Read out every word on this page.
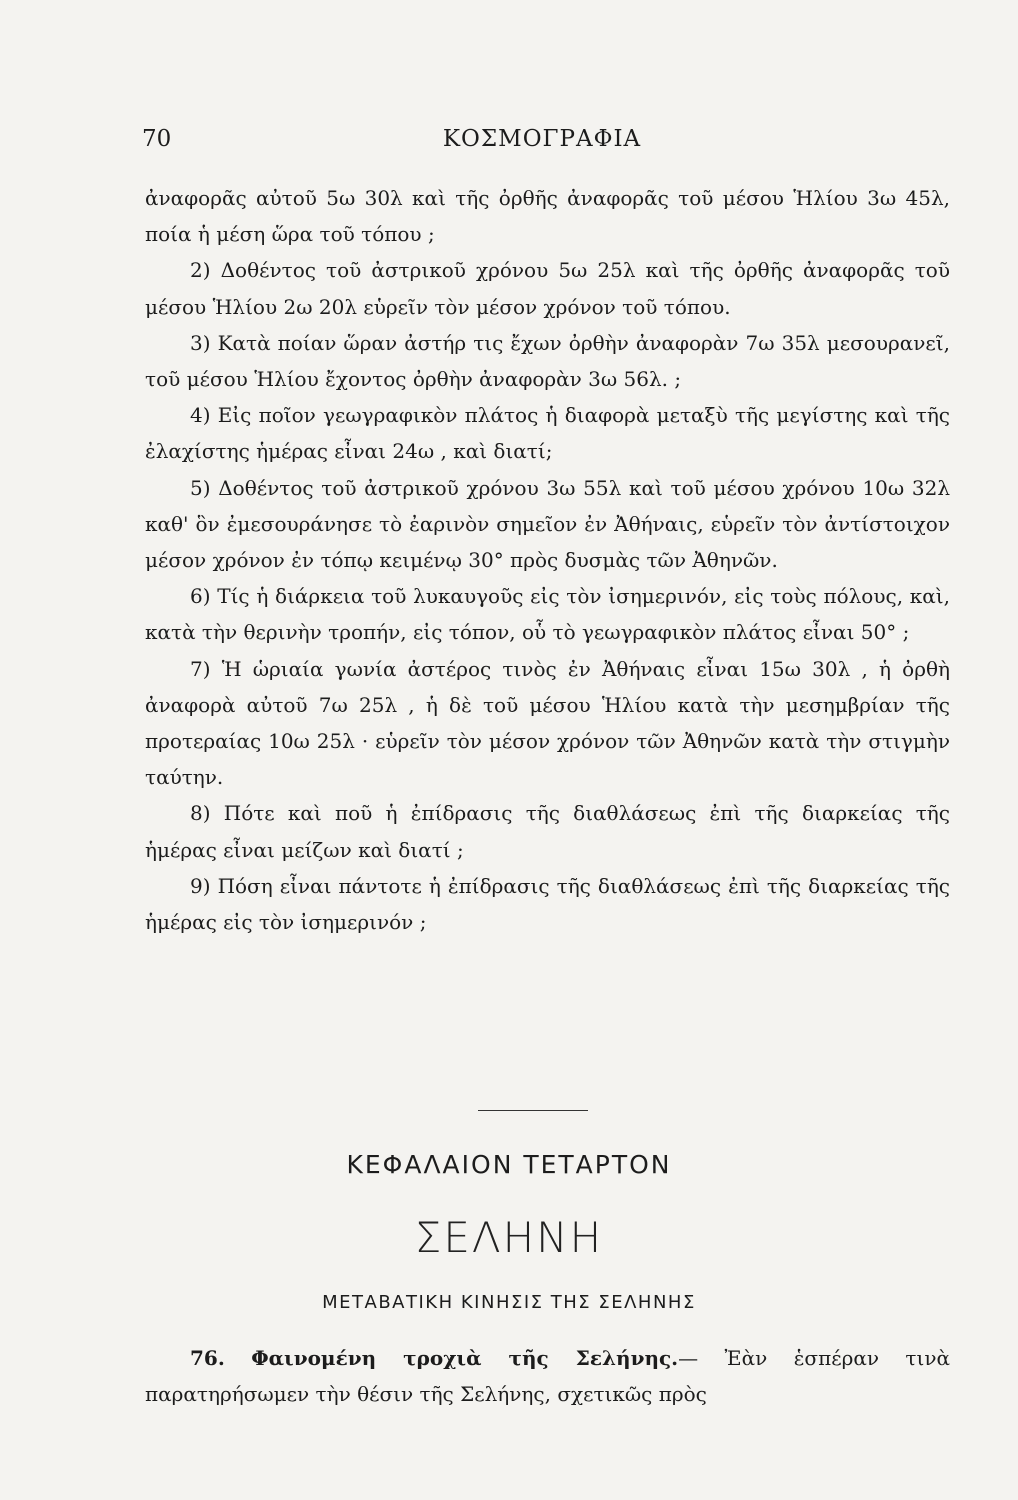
70	ΚΟΣΜΟΓΡΑΦΙΑ

ἀναφορᾶς αὐτοῦ 5ω 30λ καὶ τῆς ὀρθῆς ἀναφορᾶς τοῦ μέσου Ἡλίου 3ω 45λ, ποία ἡ μέση ὥρα τοῦ τόπου ;

2) Δοθέντος τοῦ ἀστρικοῦ χρόνου 5ω 25λ καὶ τῆς ὀρθῆς ἀναφορᾶς τοῦ μέσου Ἡλίου 2ω 20λ εὑρεῖν τὸν μέσον χρόνον τοῦ τόπου.

3) Κατὰ ποίαν ὥραν ἀστήρ τις ἔχων ὀρθὴν ἀναφορὰν 7ω 35λ μεσουρανεῖ, τοῦ μέσου Ἡλίου ἔχοντος ὀρθὴν ἀναφορὰν 3ω 56λ. ;

4) Εἰς ποῖον γεωγραφικὸν πλάτος ἡ διαφορὰ μεταξὺ τῆς μεγίστης καὶ τῆς ἐλαχίστης ἡμέρας εἶναι 24ω , καὶ διατί;

5) Δοθέντος τοῦ ἀστρικοῦ χρόνου 3ω 55λ καὶ τοῦ μέσου χρόνου 10ω 32λ καθ' ὃν ἐμεσουράνησε τὸ ἐαρινὸν σημεῖον ἐν Ἀθήναις, εὑρεῖν τὸν ἀντίστοιχον μέσον χρόνον ἐν τόπῳ κειμένῳ 30° πρὸς δυσμὰς τῶν Ἀθηνῶν.

6) Τίς ἡ διάρκεια τοῦ λυκαυγοῦς εἰς τὸν ἰσημερινόν, εἰς τοὺς πόλους, καὶ, κατὰ τὴν θερινὴν τροπήν, εἰς τόπον, οὗ τὸ γεωγραφικὸν πλάτος εἶναι 50° ;

7) Ἡ ὡριαία γωνία ἀστέρος τινὸς ἐν Ἀθήναις εἶναι 15ω 30λ , ἡ ὀρθὴ ἀναφορὰ αὐτοῦ 7ω 25λ , ἡ δὲ τοῦ μέσου Ἡλίου κατὰ τὴν μεσημβρίαν τῆς προτεραίας 10ω 25λ · εὑρεῖν τὸν μέσον χρόνον τῶν Ἀθηνῶν κατὰ τὴν στιγμὴν ταύτην.

8) Πότε καὶ ποῦ ἡ ἐπίδρασις τῆς διαθλάσεως ἐπὶ τῆς διαρκείας τῆς ἡμέρας εἶναι μείζων καὶ διατί ;

9) Πόση εἶναι πάντοτε ἡ ἐπίδρασις τῆς διαθλάσεως ἐπὶ τῆς διαρκείας τῆς ἡμέρας εἰς τὸν ἰσημερινόν ;

ΚΕΦΑΛΑΙΟΝ ΤΕΤΑΡΤΟΝ
ΣΕΛΗΝΗ
ΜΕΤΑΒΑΤΙΚΗ ΚΙΝΗΣΙΣ ΤΗΣ ΣΕΛΗΝΗΣ

76. Φαινομένη τροχιὰ τῆς Σελήνης.— Ἐὰν ἑσπέραν τινὰ παρατηρήσωμεν τὴν θέσιν τῆς Σελήνης, σχετικῶς πρὸς
